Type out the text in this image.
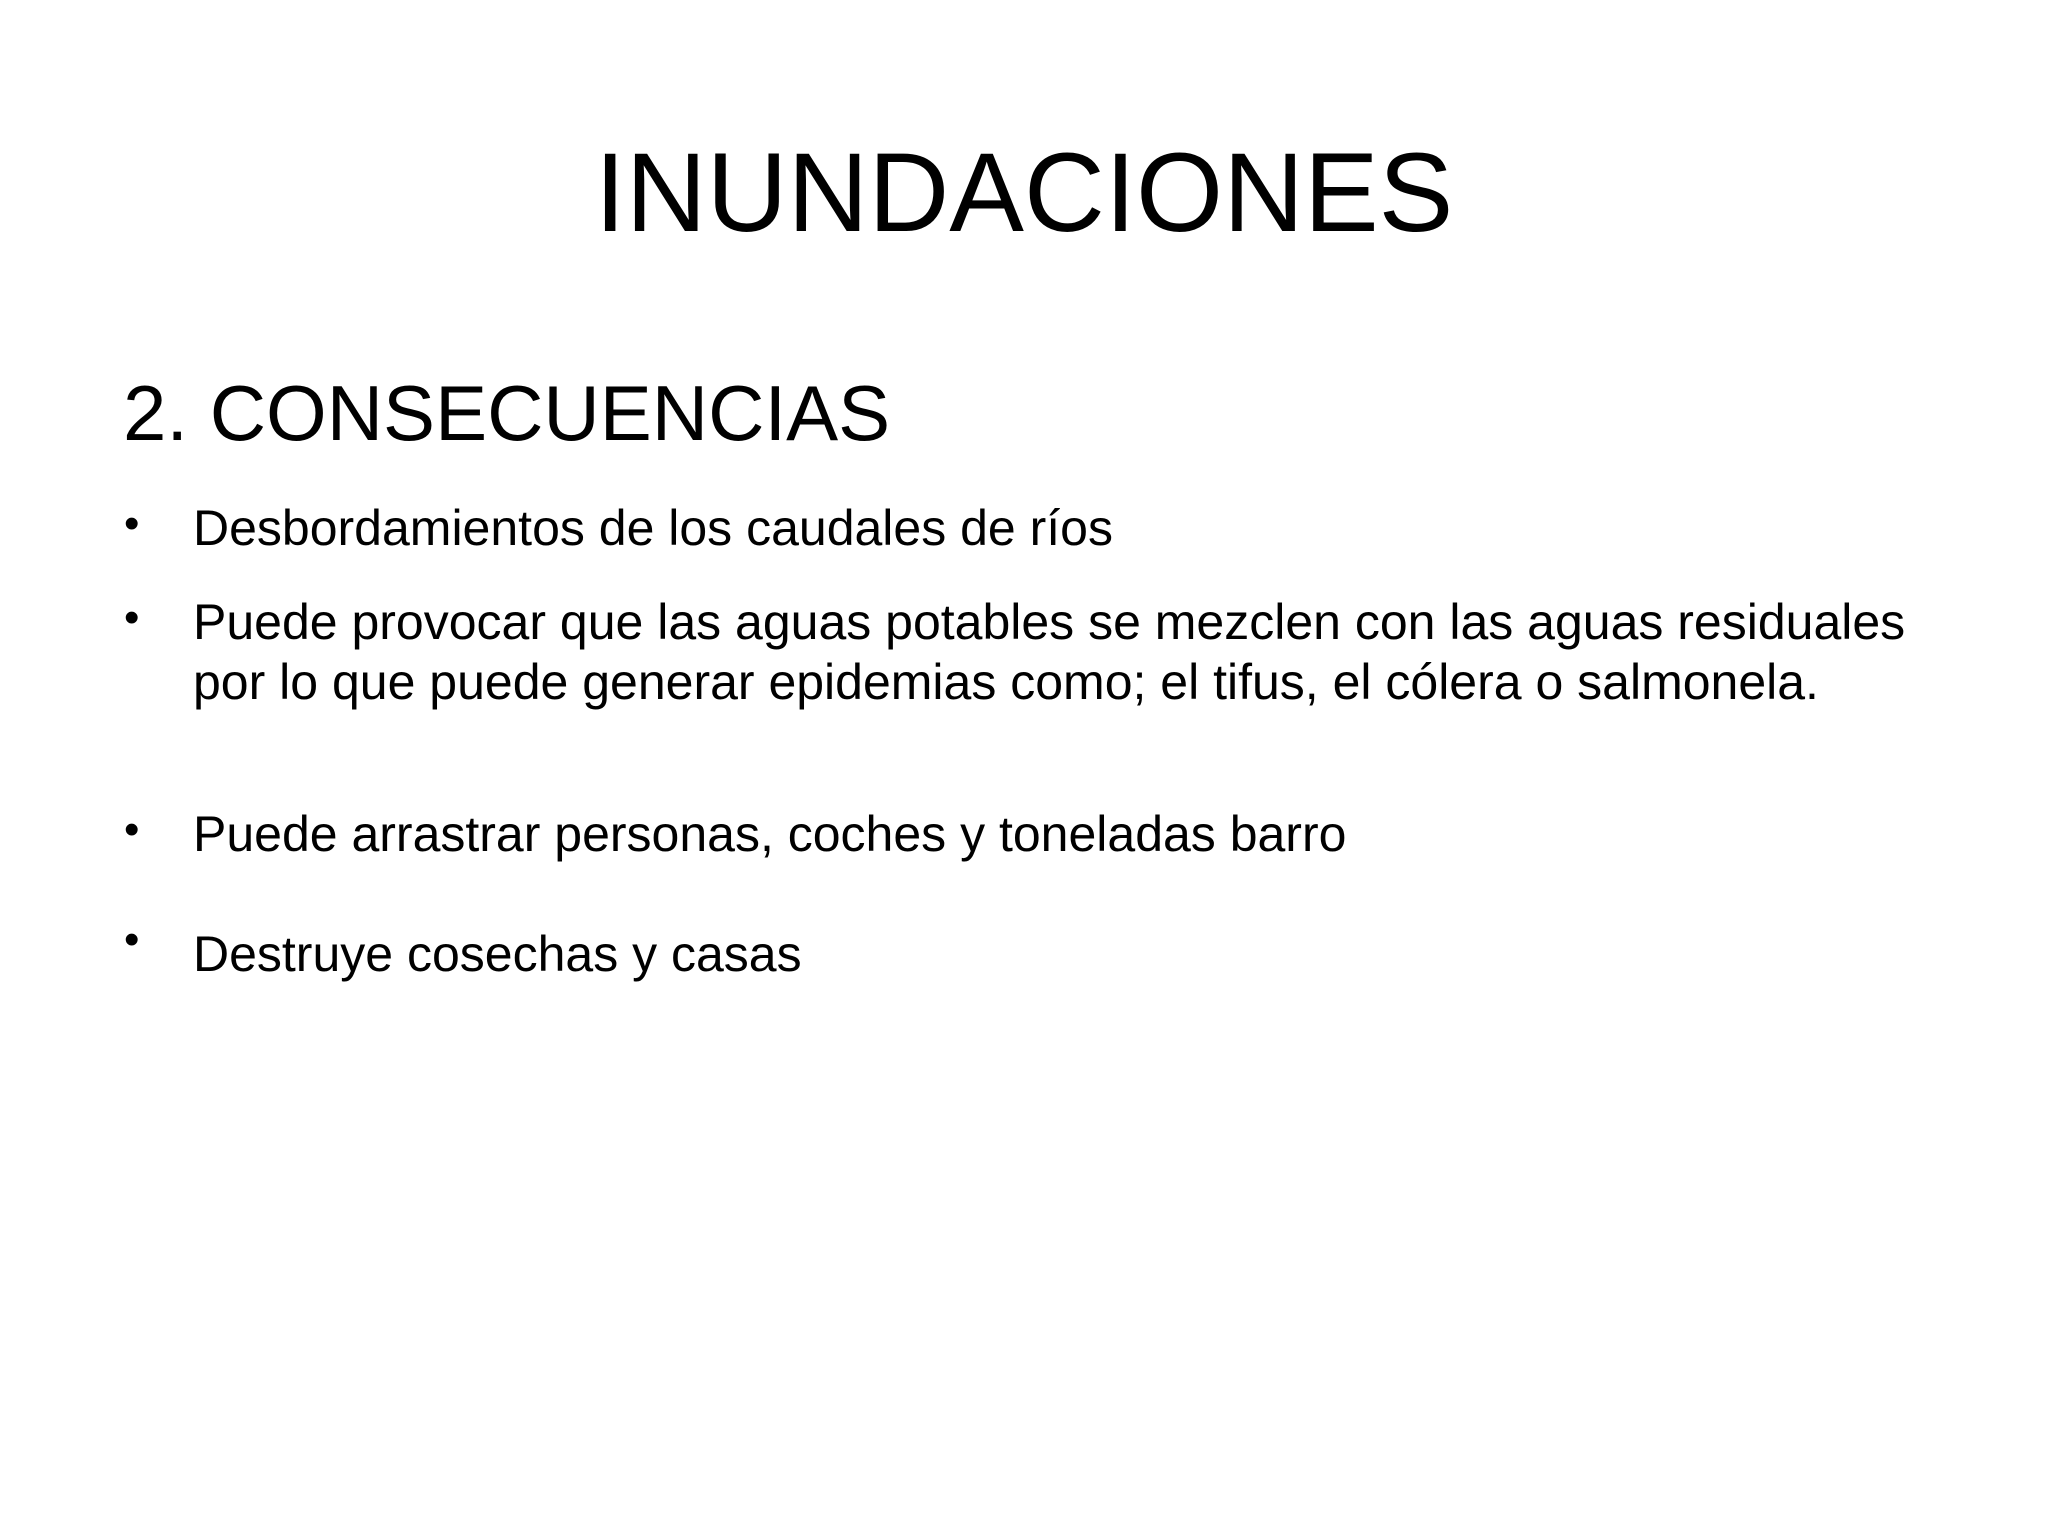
INUNDACIONES
2. CONSECUENCIAS
• Desbordamientos de los caudales de ríos
• Puede provocar que las aguas potables se mezclen con las aguas residuales por lo que puede generar epidemias como; el tifus, el cólera o salmonela.
• Puede arrastrar personas, coches y toneladas barro
• Destruye cosechas y casas
